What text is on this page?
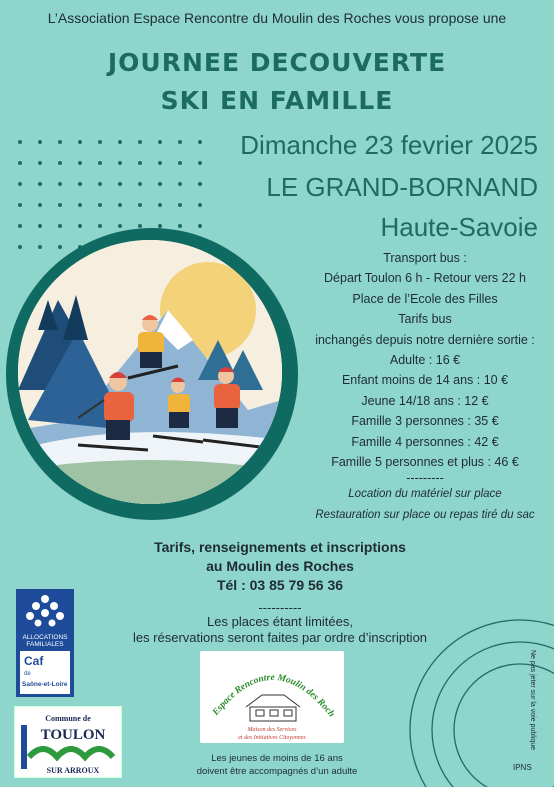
L’Association Espace Rencontre du Moulin des Roches vous propose une
JOURNEE DECOUVERTE
SKI EN FAMILLE
Dimanche 23 fevrier 2025
LE GRAND-BORNAND
Haute-Savoie
Transport bus :
Départ Toulon 6 h - Retour vers 22 h
Place de l’Ecole des Filles
Tarifs bus
inchangés depuis notre dernière sortie :
Adulte : 16 €
Enfant moins de 14 ans : 10 €
Jeune 14/18 ans : 12 €
Famille 3 personnes : 35 €
Famille 4 personnes : 42 €
Famille 5 personnes et plus : 46 €
---------
Location du matériel sur place
Restauration sur place ou repas tiré du sac
Tarifs, renseignements et inscriptions
au Moulin des Roches
Tél : 03 85 79 56 36
----------
Les places étant limitées,
les réservations seront faites par ordre d’inscription
ALLOCATIONS
FAMILIALES
Caf
de
Saône-et-Loire
Commune de
TOULON
SUR ARROUX
Espace Rencontre Moulin des Roch
Maison des Services
et des Initiatives Citoyennes
Les jeunes de moins de 16 ans
doivent être accompagnés d’un adulte	IPNS
Ne pas jeter sur la voie publique
